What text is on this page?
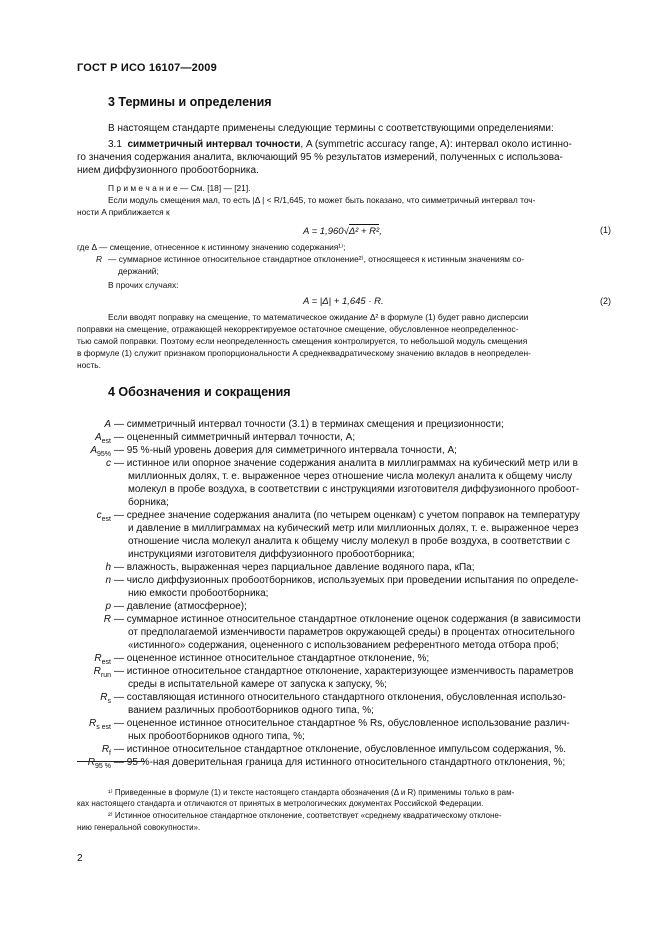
ГОСТ Р ИСО 16107—2009
3 Термины и определения
В настоящем стандарте применены следующие термины с соответствующими определениями:
3.1 симметричный интервал точности, A (symmetric accuracy range, A): интервал около истинно-
го значения содержания аналита, включающий 95 % результатов измерений, полученных с использова-
нием диффузионного пробоотборника.
П р и м е ч а н и е — См. [18] — [21].
Если модуль смещения мал, то есть |Δ | < R/1,645, то может быть показано, что симметричный интервал точ-
ности A приближается к
A = 1,960√Δ² + R²,	(1)
где Δ — смещение, отнесенное к истинному значению содержания¹⁾;
R — суммарное истинное относительное стандартное отклонение²⁾, относящееся к истинным значениям со-
держаний;
В прочих случаях:
A = |Δ| + 1,645 · R.	(2)
Если вводят поправку на смещение, то математическое ожидание Δ² в формуле (1) будет равно дисперсии
поправки на смещение, отражающей некорректируемое остаточное смещение, обусловленное неопределеннос-
тью самой поправки. Поэтому если неопределенность смещения контролируется, то небольшой модуль смещения
в формуле (1) служит признаком пропорциональности A среднеквадратическому значению вкладов в неопределен-
ность.
4 Обозначения и сокращения
A — симметричный интервал точности (3.1) в терминах смещения и прецизионности;
$A_{est}$ — оцененный симметричный интервал точности, A;
$A_{95\%}$ — 95 %-ный уровень доверия для симметричного интервала точности, A;
c — истинное или опорное значение содержания аналита в миллиграммах на кубический метр или в
миллионных долях, т. е. выраженное через отношение числа молекул аналита к общему числу
молекул в пробе воздуха, в соответствии с инструкциями изготовителя диффузионного пробоот-
борника;
$c_{est}$ — среднее значение содержания аналита (по четырем оценкам) с учетом поправок на температуру
и давление в миллиграммах на кубический метр или миллионных долях, т. е. выраженное через
отношение числа молекул аналита к общему числу молекул в пробе воздуха, в соответствии с
инструкциями изготовителя диффузионного пробоотборника;
h — влажность, выраженная через парциальное давление водяного пара, кПа;
n — число диффузионных пробоотборников, используемых при проведении испытания по определе-
нию емкости пробоотборника;
p — давление (атмосферное);
R — суммарное истинное относительное стандартное отклонение оценок содержания (в зависимости
от предполагаемой изменчивости параметров окружающей среды) в процентах относительного
«истинного» содержания, оцененного с использованием референтного метода отбора проб;
$R_{est}$ — оцененное истинное относительное стандартное отклонение, %;
$R_{run}$ — истинное относительное стандартное отклонение, характеризующее изменчивость параметров
среды в испытательной камере от запуска к запуску, %;
$R_s$ — составляющая истинного относительного стандартного отклонения, обусловленная использо-
ванием различных пробоотборников одного типа, %;
$R_{s est}$ — оцененное истинное относительное стандартное % Rs, обусловленное использование различ-
ных пробоотборников одного типа, %;
$R_f$ — истинное относительное стандартное отклонение, обусловленное импульсом содержания, %.
$R_{95 \%}$ — 95 %-ная доверительная граница для истинного относительного стандартного отклонения, %;
¹⁾ Приведенные в формуле (1) и тексте настоящего стандарта обозначения (Δ и R) применимы только в рам-
ках настоящего стандарта и отличаются от принятых в метрологических документах Российской Федерации.
²⁾ Истинное относительное стандартное отклонение, соответствует «среднему квадратическому отклоне-
нию генеральной совокупности».
2
